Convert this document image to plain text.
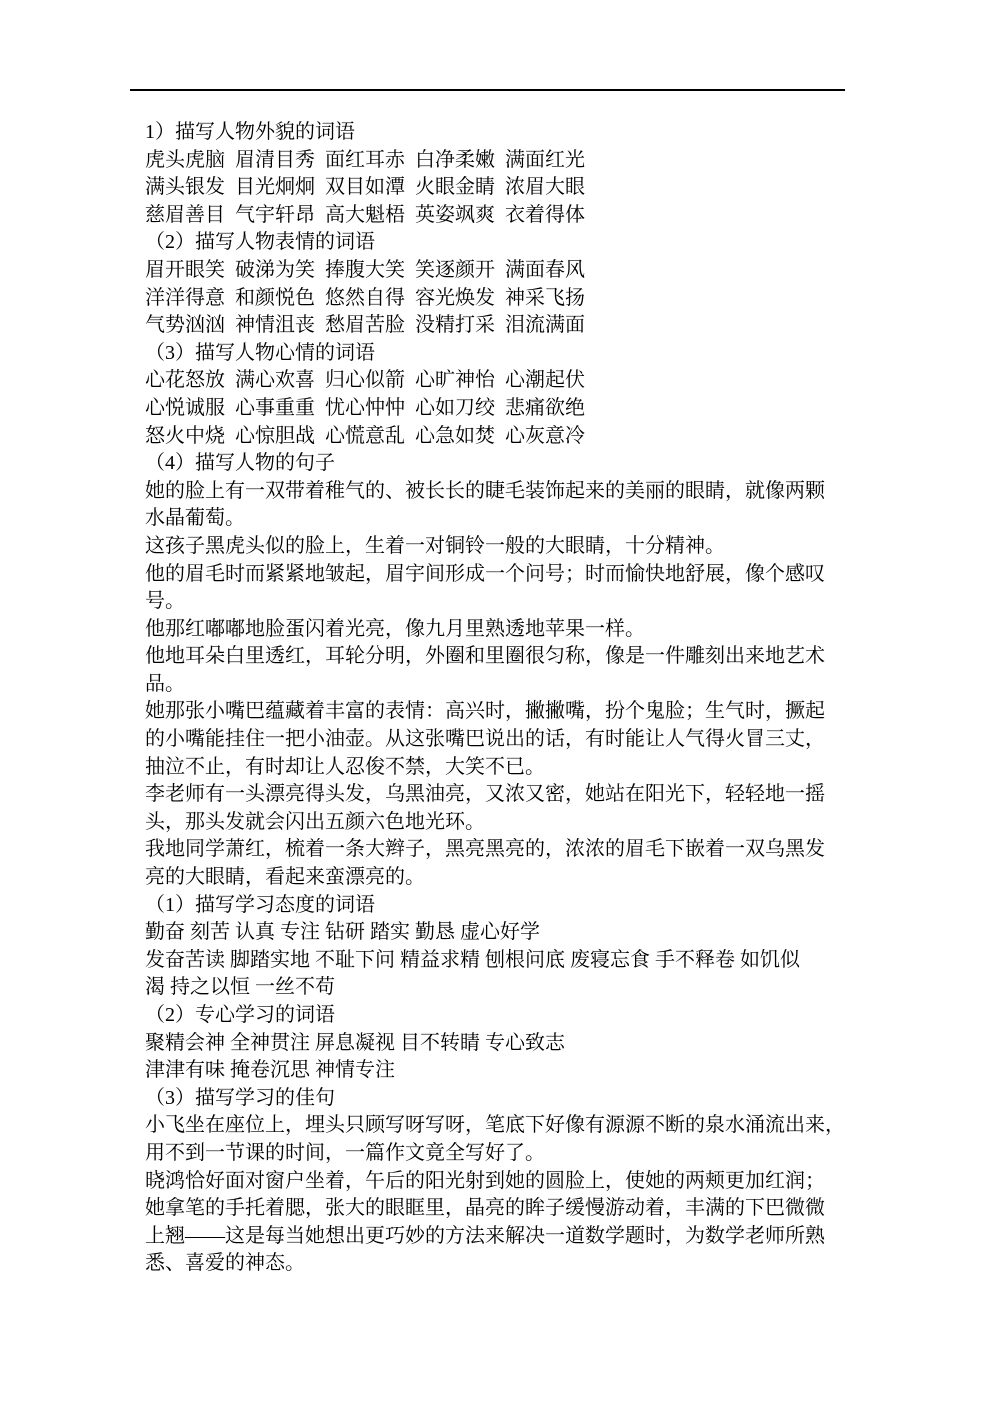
1）描写人物外貌的词语
虎头虎脑  眉清目秀  面红耳赤  白净柔嫩  满面红光
满头银发  目光炯炯  双目如潭  火眼金睛  浓眉大眼
慈眉善目  气宇轩昂  高大魁梧  英姿飒爽  衣着得体
（2）描写人物表情的词语
眉开眼笑  破涕为笑  捧腹大笑  笑逐颜开  满面春风
洋洋得意  和颜悦色  悠然自得  容光焕发  神采飞扬
气势汹汹  神情沮丧  愁眉苦脸  没精打采  泪流满面
（3）描写人物心情的词语
心花怒放  满心欢喜  归心似箭  心旷神怡  心潮起伏
心悦诚服  心事重重  忧心忡忡  心如刀绞  悲痛欲绝
怒火中烧  心惊胆战  心慌意乱  心急如焚  心灰意冷
（4）描写人物的句子
她的脸上有一双带着稚气的、被长长的睫毛装饰起来的美丽的眼睛，就像两颗
水晶葡萄。
这孩子黑虎头似的脸上，生着一对铜铃一般的大眼睛，十分精神。
他的眉毛时而紧紧地皱起，眉宇间形成一个问号；时而愉快地舒展，像个感叹
号。
他那红嘟嘟地脸蛋闪着光亮，像九月里熟透地苹果一样。
他地耳朵白里透红，耳轮分明，外圈和里圈很匀称，像是一件雕刻出来地艺术
品。
她那张小嘴巴蕴藏着丰富的表情：高兴时，撇撇嘴，扮个鬼脸；生气时，撅起
的小嘴能挂住一把小油壶。从这张嘴巴说出的话，有时能让人气得火冒三丈，
抽泣不止，有时却让人忍俊不禁，大笑不已。
李老师有一头漂亮得头发，乌黑油亮，又浓又密，她站在阳光下，轻轻地一摇
头，那头发就会闪出五颜六色地光环。
我地同学萧红，梳着一条大辫子，黑亮黑亮的，浓浓的眉毛下嵌着一双乌黑发
亮的大眼睛，看起来蛮漂亮的。
（1）描写学习态度的词语
勤奋 刻苦 认真 专注 钻研 踏实 勤恳 虚心好学
发奋苦读 脚踏实地 不耻下问 精益求精 刨根问底 废寝忘食 手不释卷 如饥似
渴 持之以恒 一丝不苟
（2）专心学习的词语
聚精会神 全神贯注 屏息凝视 目不转睛 专心致志
津津有味 掩卷沉思 神情专注
（3）描写学习的佳句
小飞坐在座位上，埋头只顾写呀写呀，笔底下好像有源源不断的泉水涌流出来，
用不到一节课的时间，一篇作文竟全写好了。
晓鸿恰好面对窗户坐着，午后的阳光射到她的圆脸上，使她的两颊更加红润；
她拿笔的手托着腮，张大的眼眶里，晶亮的眸子缓慢游动着，丰满的下巴微微
上翘——这是每当她想出更巧妙的方法来解决一道数学题时，为数学老师所熟
悉、喜爱的神态。
